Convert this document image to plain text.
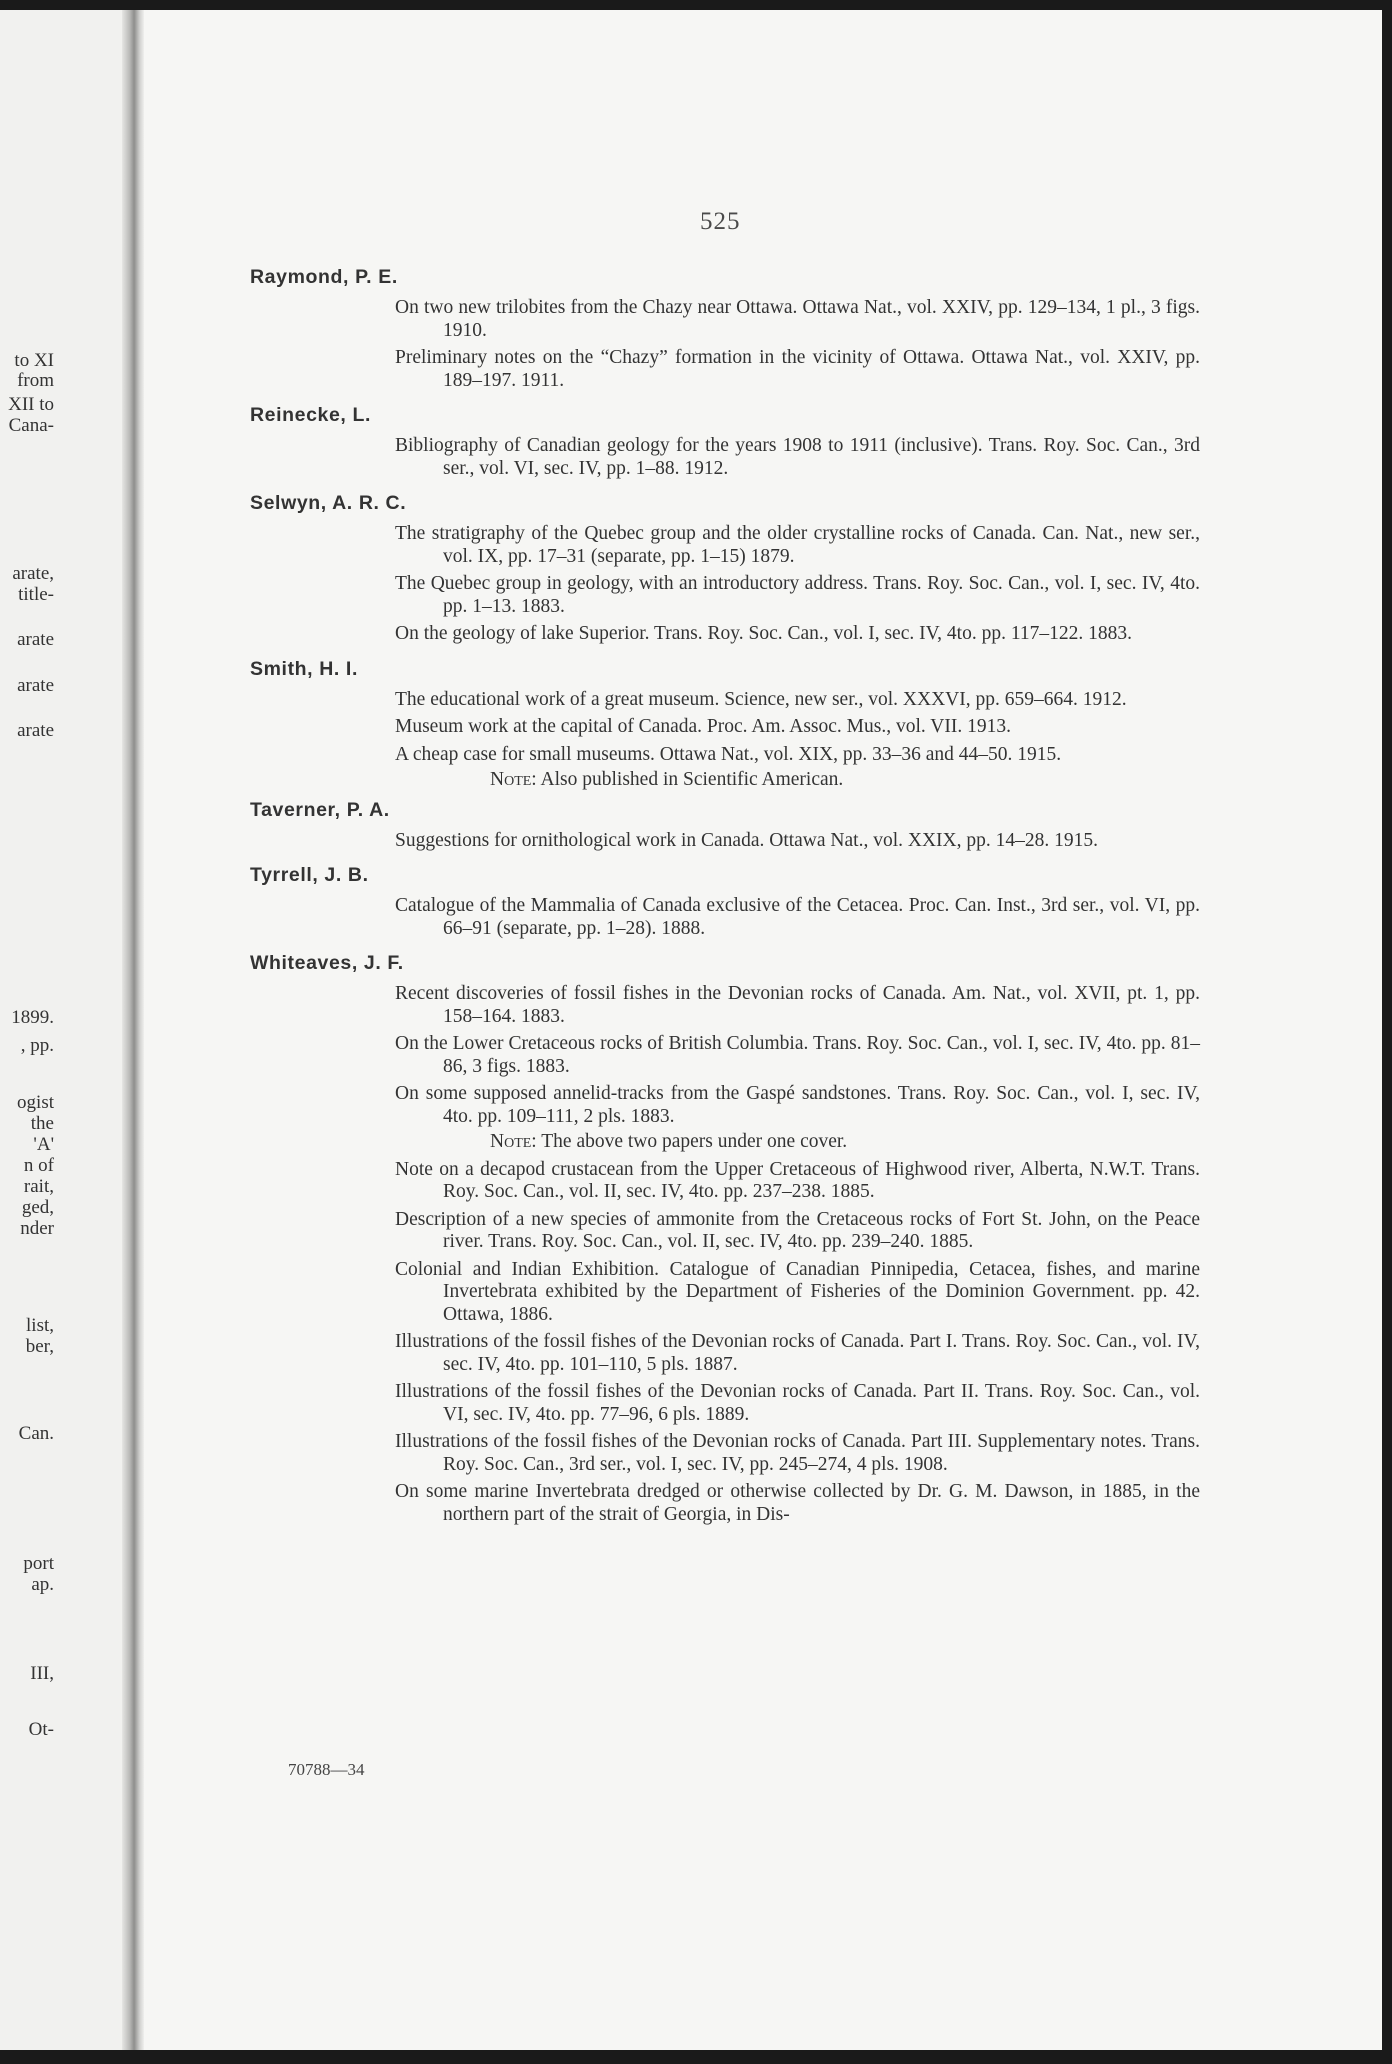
to XI

from

XII to

Cana-

arate,

title-

arate

arate

arate

1899.

, pp.

ogist

the

'A'

n of

rait,

ged,

nder

list,

ber,

Can.

port

ap.

III,

Ot-

525

Raymond, P. E.

On two new trilobites from the Chazy near Ottawa. Ottawa Nat., vol. XXIV, pp. 129–134, 1 pl., 3 figs. 1910.

Preliminary notes on the “Chazy” formation in the vicinity of Ottawa. Ottawa Nat., vol. XXIV, pp. 189–197. 1911.

Reinecke, L.

Bibliography of Canadian geology for the years 1908 to 1911 (inclusive). Trans. Roy. Soc. Can., 3rd ser., vol. VI, sec. IV, pp. 1–88. 1912.

Selwyn, A. R. C.

The stratigraphy of the Quebec group and the older crystalline rocks of Canada. Can. Nat., new ser., vol. IX, pp. 17–31 (separate, pp. 1–15) 1879.

The Quebec group in geology, with an introductory address. Trans. Roy. Soc. Can., vol. I, sec. IV, 4to. pp. 1–13. 1883.

On the geology of lake Superior. Trans. Roy. Soc. Can., vol. I, sec. IV, 4to. pp. 117–122. 1883.

Smith, H. I.

The educational work of a great museum. Science, new ser., vol. XXXVI, pp. 659–664. 1912.

Museum work at the capital of Canada. Proc. Am. Assoc. Mus., vol. VII. 1913.

A cheap case for small museums. Ottawa Nat., vol. XIX, pp. 33–36 and 44–50. 1915.

Note: Also published in Scientific American.

Taverner, P. A.

Suggestions for ornithological work in Canada. Ottawa Nat., vol. XXIX, pp. 14–28. 1915.

Tyrrell, J. B.

Catalogue of the Mammalia of Canada exclusive of the Cetacea. Proc. Can. Inst., 3rd ser., vol. VI, pp. 66–91 (separate, pp. 1–28). 1888.

Whiteaves, J. F.

Recent discoveries of fossil fishes in the Devonian rocks of Canada. Am. Nat., vol. XVII, pt. 1, pp. 158–164. 1883.

On the Lower Cretaceous rocks of British Columbia. Trans. Roy. Soc. Can., vol. I, sec. IV, 4to. pp. 81–86, 3 figs. 1883.

On some supposed annelid-tracks from the Gaspé sandstones. Trans. Roy. Soc. Can., vol. I, sec. IV, 4to. pp. 109–111, 2 pls. 1883.

Note: The above two papers under one cover.

Note on a decapod crustacean from the Upper Cretaceous of Highwood river, Alberta, N.W.T. Trans. Roy. Soc. Can., vol. II, sec. IV, 4to. pp. 237–238. 1885.

Description of a new species of ammonite from the Cretaceous rocks of Fort St. John, on the Peace river. Trans. Roy. Soc. Can., vol. II, sec. IV, 4to. pp. 239–240. 1885.

Colonial and Indian Exhibition. Catalogue of Canadian Pinnipedia, Cetacea, fishes, and marine Invertebrata exhibited by the Department of Fisheries of the Dominion Government. pp. 42. Ottawa, 1886.

Illustrations of the fossil fishes of the Devonian rocks of Canada. Part I. Trans. Roy. Soc. Can., vol. IV, sec. IV, 4to. pp. 101–110, 5 pls. 1887.

Illustrations of the fossil fishes of the Devonian rocks of Canada. Part II. Trans. Roy. Soc. Can., vol. VI, sec. IV, 4to. pp. 77–96, 6 pls. 1889.

Illustrations of the fossil fishes of the Devonian rocks of Canada. Part III. Supplementary notes. Trans. Roy. Soc. Can., 3rd ser., vol. I, sec. IV, pp. 245–274, 4 pls. 1908.

On some marine Invertebrata dredged or otherwise collected by Dr. G. M. Dawson, in 1885, in the northern part of the strait of Georgia, in Dis-

70788—34
